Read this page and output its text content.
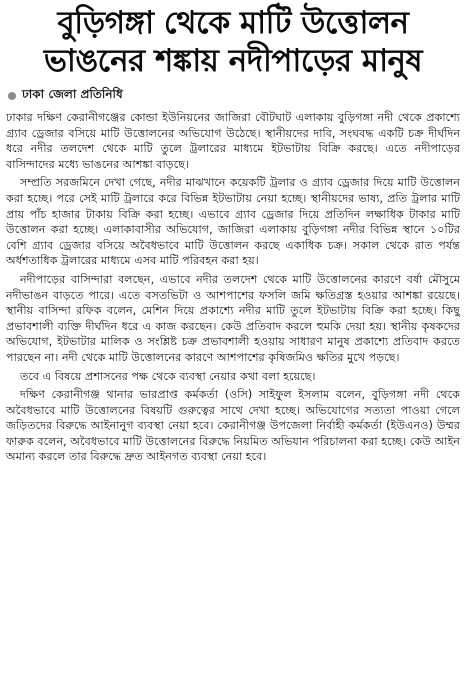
বুড়িগঙ্গা থেকে মাটি উত্তোলন
ভাঙনের শঙ্কায় নদীপাড়ের মানুষ
ঢাকা জেলা প্রতিনিধি

ঢাকার দক্ষিণ কেরানীগঞ্জের কোন্ডা ইউনিয়নের জাজিরা বৌটঘাট এলাকায় বুড়িগঙ্গা নদী থেকে প্রকাশ্যে গ্র্যাব ড্রেজার বসিয়ে মাটি উত্তোলনের অভিযোগ উঠেছে। স্থানীয়দের দাবি, সংঘবদ্ধ একটি চক্র দীর্ঘদিন ধরে নদীর তলদেশ থেকে মাটি তুলে ট্রলারের মাধ্যমে ইটভাটায় বিক্রি করছে। এতে নদীপাড়ের বাসিন্দাদের মধ্যে ভাঙনের আশঙ্কা বাড়ছে।

সম্প্রতি সরজমিনে দেখা গেছে, নদীর মাঝখানে কয়েকটি ট্রলার ও গ্র্যাব ড্রেজার দিয়ে মাটি উত্তোলন করা হচ্ছে। পরে সেই মাটি ট্রলারে করে বিভিন্ন ইটভাটায় নেয়া হচ্ছে। স্থানীয়দের ভাষ্য, প্রতি ট্রলার মাটি প্রায় পাঁচ হাজার টাকায় বিক্রি করা হচ্ছে। এভাবে গ্র্যাব ড্রেজার দিয়ে প্রতিদিন লক্ষাধিক টাকার মাটি উত্তোলন করা হচ্ছে। এলাকাবাসীর অভিযোগ, জাজিরা এলাকায় বুড়িগঙ্গা নদীর বিভিন্ন স্থানে ১০টির বেশি গ্র্যাব ড্রেজার বসিয়ে অবৈধভাবে মাটি উত্তোলন করছে একাধিক চক্র। সকাল থেকে রাত পর্যন্ত অর্ধশতাধিক ট্রলারের মাধ্যমে এসব মাটি পরিবহন করা হয়।

নদীপাড়ের বাসিন্দারা বলছেন, এভাবে নদীর তলদেশ থেকে মাটি উত্তোলনের কারণে বর্ষা মৌসুমে নদীভাঙন বাড়তে পারে। এতে বসতভিটা ও আশপাশের ফসলি জমি ক্ষতিগ্রস্ত হওয়ার আশঙ্কা রয়েছে। স্থানীয় বাসিন্দা রফিক বলেন, মেশিন দিয়ে প্রকাশ্যে নদীর মাটি তুলে ইটভাটায় বিক্রি করা হচ্ছে। কিছু প্রভাবশালী ব্যক্তি দীর্ঘদিন ধরে এ কাজ করছেন। কেউ প্রতিবাদ করলে হুমকি দেয়া হয়। স্থানীয় কৃষকদের অভিযোগ, ইটভাটার মালিক ও সংশ্লিষ্ট চক্র প্রভাবশালী হওয়ায় সাধারণ মানুষ প্রকাশ্যে প্রতিবাদ করতে পারছেন না। নদী থেকে মাটি উত্তোলনের কারণে আশপাশের কৃষিজমিও ক্ষতির মুখে পড়ছে।

তবে এ বিষয়ে প্রশাসনের পক্ষ থেকে ব্যবস্থা নেয়ার কথা বলা হয়েছে।

দক্ষিণ কেরানীগঞ্জ থানার ভারপ্রাপ্ত কর্মকর্তা (ওসি) সাইফুল ইসলাম বলেন, বুড়িগঙ্গা নদী থেকে অবৈধভাবে মাটি উত্তোলনের বিষয়টি গুরুত্বের সাথে দেখা হচ্ছে। অভিযোগের সত্যতা পাওয়া গেলে জড়িতদের বিরুদ্ধে আইনানুগ ব্যবস্থা নেয়া হবে। কেরানীগঞ্জ উপজেলা নির্বাহী কর্মকর্তা (ইউএনও) উম্মর ফারুক বলেন, অবৈধভাবে মাটি উত্তোলনের বিরুদ্ধে নিয়মিত অভিযান পরিচালনা করা হচ্ছে। কেউ আইন অমান্য করলে তার বিরুদ্ধে দ্রুত আইনগত ব্যবস্থা নেয়া হবে।
